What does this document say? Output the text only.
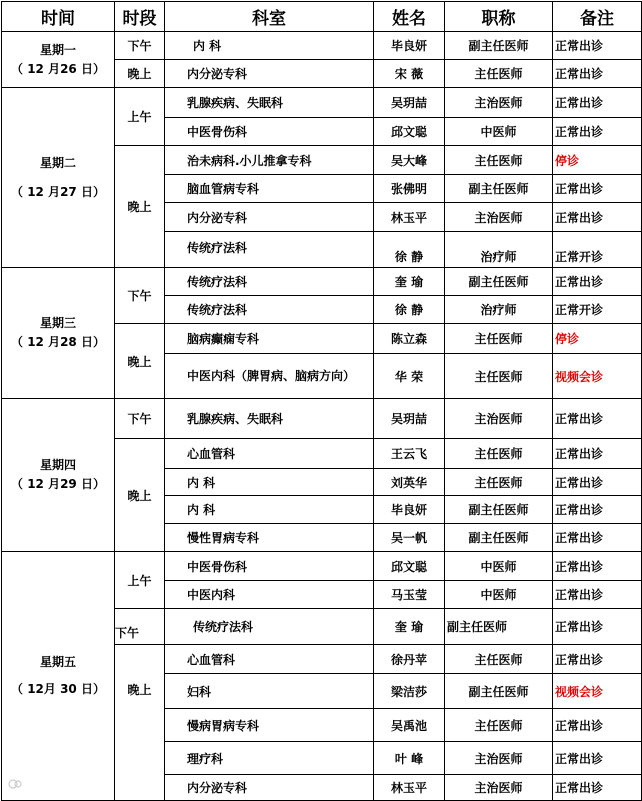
时间	时段	科室	姓名	职称	备注

星期一
（ 12 月26 日）	下午	内 科	毕良妍	副主任医师	正常出诊
	晚上	内分泌专科	宋 薇	主任医师	正常出诊

星期二
（ 12 月27 日）	上午	乳腺疾病、失眠科	吴玥喆	主治医师	正常出诊
		中医骨伤科	邱文聪	中医师	正常出诊
	晚上	治未病科.小儿推拿专科	吴大峰	主任医师	停诊
		脑血管病专科	张佛明	副主任医师	正常出诊
		内分泌专科	林玉平	主治医师	正常出诊
		传统疗法科	徐 静	治疗师	正常开诊

星期三
（ 12 月28 日）	下午	传统疗法科	奎 瑜	副主任医师	正常出诊
		传统疗法科	徐 静	治疗师	正常开诊
	晚上	脑病癫痫专科	陈立森	主任医师	停诊
		中医内科（脾胃病、脑病方向）	华 荣	主任医师	视频会诊

星期四
（ 12 月29 日）	下午	乳腺疾病、失眠科	吴玥喆	主治医师	正常出诊
	晚上	心血管科	王云飞	主任医师	正常出诊
		内 科	刘英华	主任医师	正常出诊
		内 科	毕良妍	副主任医师	正常出诊
		慢性胃病专科	吴一帆	副主任医师	正常出诊

星期五
（ 12月 30 日）	上午	中医骨伤科	邱文聪	中医师	正常出诊
		中医内科	马玉莹	中医师	正常出诊
	下午	传统疗法科	奎 瑜	副主任医师	正常出诊
	晚上	心血管科	徐丹苹	主任医师	正常出诊
		妇科	梁洁莎	副主任医师	视频会诊
		慢病胃病专科	吴禹池	主任医师	正常出诊
		理疗科	叶 峰	主治医师	正常出诊
		内分泌专科	林玉平	主治医师	正常出诊
